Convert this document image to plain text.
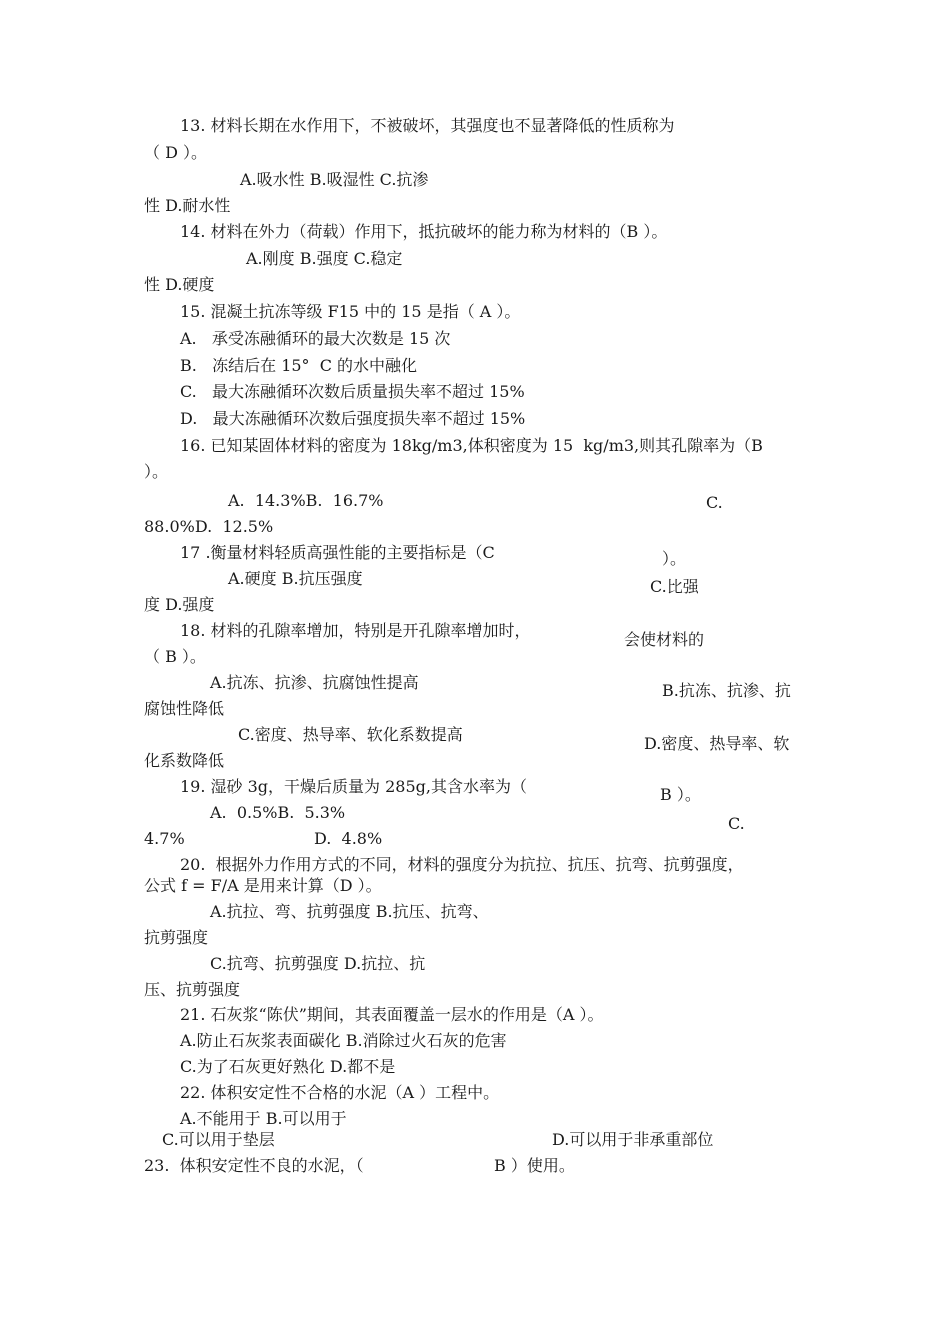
13. 材料长期在水作用下，不被破坏，其强度也不显著降低的性质称为
（ D ）。
A.吸水性 B.吸湿性 C.抗渗
性 D.耐水性
14. 材料在外力（荷载）作用下，抵抗破坏的能力称为材料的（B ）。
A.刚度 B.强度 C.稳定
性 D.硬度
15. 混凝土抗冻等级 F15 中的 15 是指（ A ）。
A.   承受冻融循环的最大次数是 15 次
B.   冻结后在 15°  C 的水中融化
C.   最大冻融循环次数后质量损失率不超过 15%
D.   最大冻融循环次数后强度损失率不超过 15%
16. 已知某固体材料的密度为 18kg/m3,体积密度为 15  kg/m3,则其孔隙率为（B
）。
A.  14.3%B.  16.7%	C.
88.0%D.  12.5%
17 .衡量材料轻质高强性能的主要指标是（C	）。
A.硬度 B.抗压强度	C.比强
度 D.强度
18. 材料的孔隙率增加，特别是开孔隙率增加时，	会使材料的
（ B ）。
A.抗冻、抗渗、抗腐蚀性提高	B.抗冻、抗渗、抗
腐蚀性降低
C.密度、热导率、软化系数提高	D.密度、热导率、软
化系数降低
19. 湿砂 3g，干燥后质量为 285g,其含水率为（	B ）。
A.  0.5%B.  5.3%
C.
4.7%	D.  4.8%
20.  根据外力作用方式的不同，材料的强度分为抗拉、抗压、抗弯、抗剪强度，
公式 f = F/A 是用来计算（D ）。
A.抗拉、弯、抗剪强度 B.抗压、抗弯、
抗剪强度
C.抗弯、抗剪强度 D.抗拉、抗
压、抗剪强度
21. 石灰浆“陈伏”期间，其表面覆盖一层水的作用是（A ）。
A.防止石灰浆表面碳化 B.消除过火石灰的危害
C.为了石灰更好熟化 D.都不是
22. 体积安定性不合格的水泥（A ）工程中。
A.不能用于 B.可以用于
C.可以用于垫层	D.可以用于非承重部位
23.  体积安定性不良的水泥，（	B ）使用。
